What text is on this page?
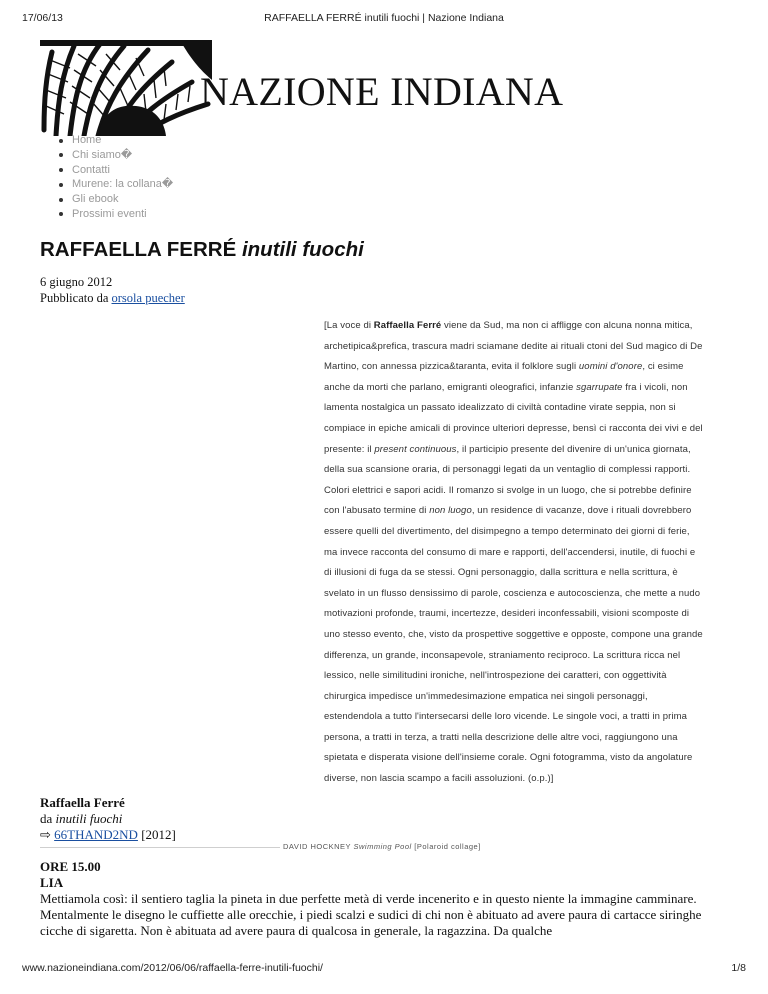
17/06/13	RAFFAELLA FERRÉ inutili fuochi | Nazione Indiana
NAZIONE INDIANA
Home
Chi siamo�
Contatti
Murene: la collana�
Gli ebook
Prossimi eventi
RAFFAELLA FERRÉ inutili fuochi
6 giugno 2012
Pubblicato da orsola puecher
[La voce di Raffaella Ferré viene da Sud, ma non ci affligge con alcuna nonna mitica, archetipica&prefica, trascura madri sciamane dedite ai rituali ctoni del Sud magico di De Martino, con annessa pizzica&taranta, evita il folklore sugli uomini d'onore, ci esime anche da morti che parlano, emigranti oleografici, infanzie sgarrupate fra i vicoli, non lamenta nostalgica un passato idealizzato di civiltà contadine virate seppia, non si compiace in epiche amicali di province ulteriori depresse, bensì ci racconta dei vivi e del presente: il present continuous, il participio presente del divenire di un'unica giornata, della sua scansione oraria, di personaggi legati da un ventaglio di complessi rapporti. Colori elettrici e sapori acidi. Il romanzo si svolge in un luogo, che si potrebbe definire con l'abusato termine di non luogo, un residence di vacanze, dove i rituali dovrebbero essere quelli del divertimento, del disimpegno a tempo determinato dei giorni di ferie, ma invece racconta del consumo di mare e rapporti, dell'accendersi, inutile, di fuochi e di illusioni di fuga da se stessi. Ogni personaggio, dalla scrittura e nella scrittura, è svelato in un flusso densissimo di parole, coscienza e autocoscienza, che mette a nudo motivazioni profonde, traumi, incertezze, desideri inconfessabili, visioni scomposte di uno stesso evento, che, visto da prospettive soggettive e opposte, compone una grande differenza, un grande, inconsapevole, straniamento reciproco. La scrittura ricca nel lessico, nelle similitudini ironiche, nell'introspezione dei caratteri, con oggettività chirurgica impedisce un'immedesimazione empatica nei singoli personaggi, estendendola a tutto l'intersecarsi delle loro vicende. Le singole voci, a tratti in prima persona, a tratti in terza, a tratti nella descrizione delle altre voci, raggiungono una spietata e disperata visione dell'insieme corale. Ogni fotogramma, visto da angolature diverse, non lascia scampo a facili assoluzioni. (o.p.)]
Raffaella Ferré
da inutili fuochi
⇨ 66THAND2ND [2012]
DAVID HOCKNEY Swimming Pool [Polaroid collage]
ORE 15.00
LIA
Mettiamola così: il sentiero taglia la pineta in due perfette metà di verde incenerito e in questo niente la immagine camminare. Mentalmente le disegno le cuffiette alle orecchie, i piedi scalzi e sudici di chi non è abituato ad avere paura di cartacce siringhe cicche di sigaretta. Non è abituata ad avere paura di qualcosa in generale, la ragazzina. Da qualche
www.nazioneindiana.com/2012/06/06/raffaella-ferre-inutili-fuochi/	1/8
